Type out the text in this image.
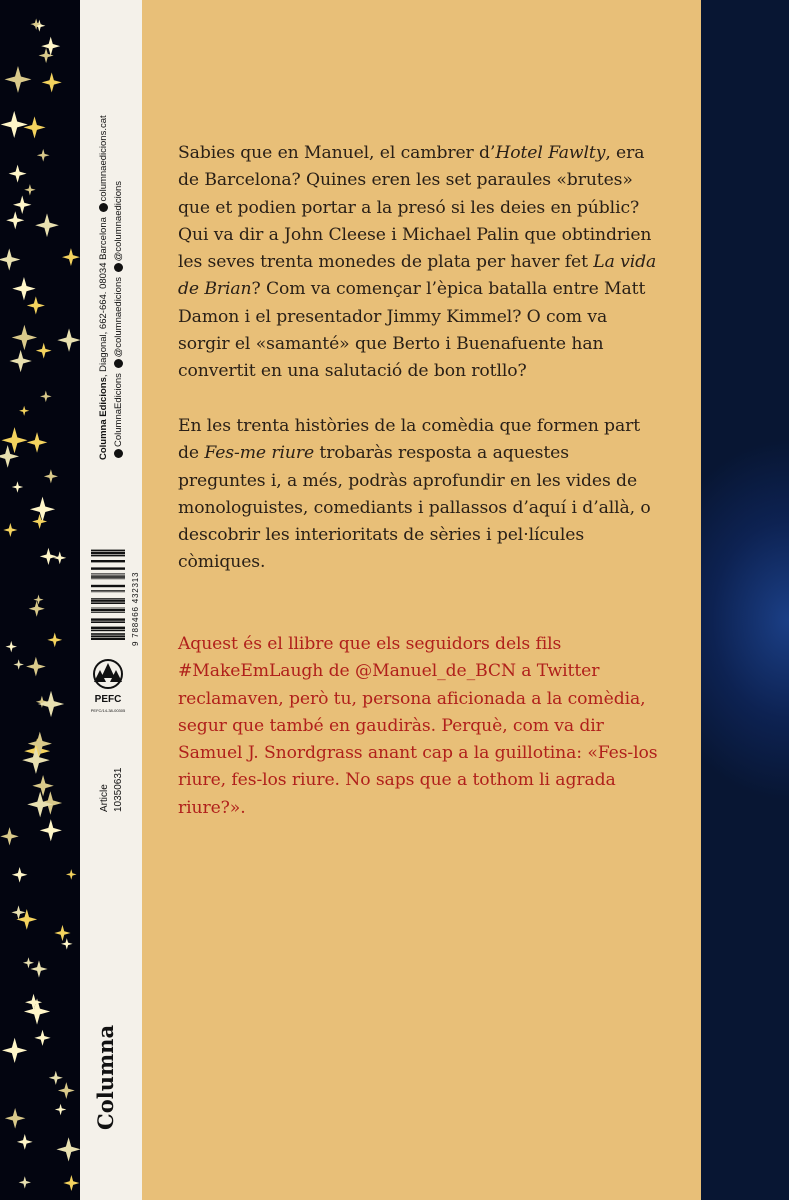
Columna Edicions, Diagonal, 662-664. 08034 Barcelona columnaedicions.cat
ColumnaEdicions @columnaedicions @columnaedicions
9 788466 432313
PEFC
PEFC/14-38-00305
Article 10350631
Columna

Sabies que en Manuel, el cambrer d’Hotel Fawlty, era de Barcelona? Quines eren les set paraules «brutes» que et podien portar a la presó si les deies en públic? Qui va dir a John Cleese i Michael Palin que obtindrien les seves trenta monedes de plata per haver fet La vida de Brian? Com va començar l’èpica batalla entre Matt Damon i el presentador Jimmy Kimmel? O com va sorgir el «samanté» que Berto i Buenafuente han convertit en una salutació de bon rotllo?

En les trenta històries de la comèdia que formen part de Fes-me riure trobaràs resposta a aquestes preguntes i, a més, podràs aprofundir en les vides de monologuistes, comediants i pallassos d’aquí i d’allà, o descobrir les interioritats de sèries i pel·lícules còmiques.

Aquest és el llibre que els seguidors dels fils #MakeEmLaugh de @Manuel_de_BCN a Twitter reclamaven, però tu, persona aficionada a la comèdia, segur que també en gaudiràs. Perquè, com va dir Samuel J. Snordgrass anant cap a la guillotina: «Fes-los riure, fes-los riure. No saps que a tothom li agrada riure?».
